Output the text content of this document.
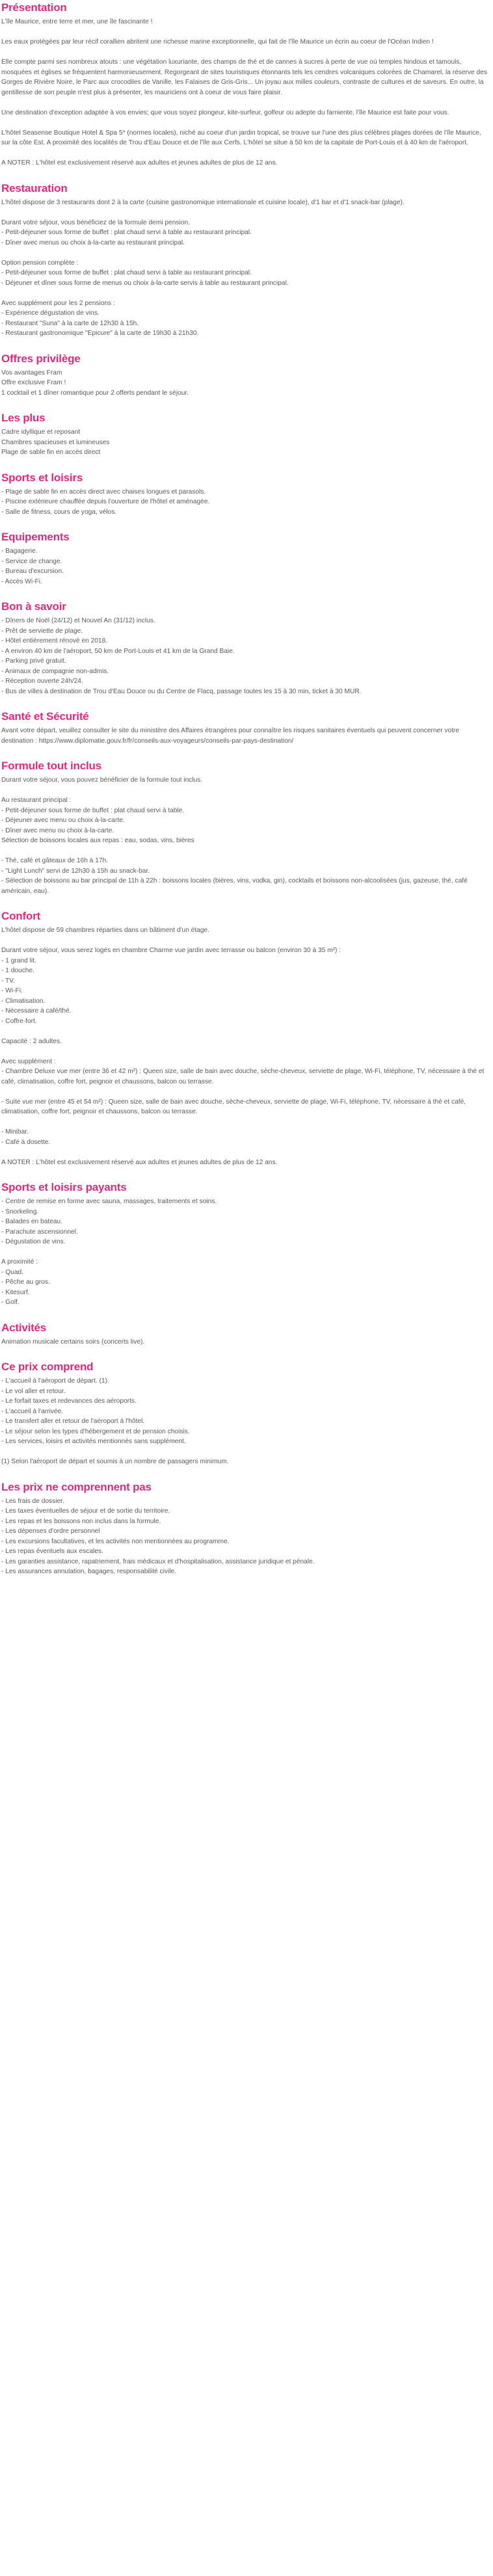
Présentation
L'île Maurice, entre terre et mer, une île fascinante !
Les eaux protégées par leur récif corallien abritent une richesse marine exceptionnelle, qui fait de l'île Maurice un écrin au coeur de l'Océan Indien !
Elle compte parmi ses nombreux atouts : une végétation luxuriante, des champs de thé et de cannes à sucres à perte de vue où temples hindous et tamouls, mosquées et églises se fréquentent harmonieusement. Regorgeant de sites touristiques étonnants tels les cendres volcaniques colorées de Chamarel, la réserve des Gorges de Rivière Noire, le Parc aux crocodiles de Vanille, les Falaises de Gris-Gris... Un joyau aux milles couleurs, contraste de cultures et de saveurs. En outre, la gentillesse de son peuple n'est plus à présenter, les mauriciens ont à coeur de vous faire plaisir.
Une destination d'exception adaptée à vos envies; que vous soyez plongeur, kite-surfeur, golfeur ou adepte du farniente, l'île Maurice est faite pour vous.
L'hôtel Seasense Boutique Hotel & Spa 5* (normes locales), niché au coeur d'un jardin tropical, se trouve sur l'une des plus célèbres plages dorées de l'île Maurice, sur la côte Est. A proximité des localités de Trou d'Eau Douce et de l'île aux Cerfs. L'hôtel se situe à 50 km de la capitale de Port-Louis et à 40 km de l'aéroport.
A NOTER : L'hôtel est exclusivement réservé aux adultes et jeunes adultes de plus de 12 ans.
Restauration
L'hôtel dispose de 3 restaurants dont 2 à la carte (cuisine gastronomique internationale et cuisine locale), d'1 bar et d'1 snack-bar (plage).
Durant votre séjour, vous bénéficiez de la formule demi pension.
- Petit-déjeuner sous forme de buffet : plat chaud servi à table au restaurant principal.
- Dîner avec menus ou choix à-la-carte au restaurant principal.
Option pension complète :
- Petit-déjeuner sous forme de buffet : plat chaud servi à table au restaurant principal.
- Déjeuner et dîner sous forme de menus ou choix à-la-carte servis à table au restaurant principal.
Avec supplément pour les 2 pensions :
- Expérience dégustation de vins.
- Restaurant "Suna" à la carte de 12h30 à 15h.
- Restaurant gastronomique "Epicure" à la carte de 19h30 à 21h30.
Offres privilège
Vos avantages Fram
Offre exclusive Fram !
1 cocktail et 1 dîner romantique pour 2 offerts pendant le séjour.
Les plus
Cadre idyllique et reposant
Chambres spacieuses et lumineuses
Plage de sable fin en accès direct
Sports et loisirs
- Plage de sable fin en accès direct avec chaises longues et parasols.
- Piscine extérieure chauffée depuis l'ouverture de l'hôtel et aménagée.
- Salle de fitness, cours de yoga, vélos.
Equipements
- Bagagerie.
- Service de change.
- Bureau d'excursion.
- Accès Wi-Fi.
Bon à savoir
- Dîners de Noël (24/12) et Nouvel An (31/12) inclus.
- Prêt de serviette de plage.
- Hôtel entièrement rénové en 2018.
- A environ 40 km de l'aéroport, 50 km de Port-Louis et 41 km de la Grand Baie.
- Parking privé gratuit.
- Animaux de compagnie non-admis.
- Réception ouverte 24h/24.
- Bus de villes à destination de Trou d'Eau Douce ou du Centre de Flacq, passage toutes les 15 à 30 min, ticket à 30 MUR.
Santé et Sécurité
Avant votre départ, veuillez consulter le site du ministère des Affaires étrangères pour connaître les risques sanitaires éventuels qui peuvent concerner votre destination : https://www.diplomatie.gouv.fr/fr/conseils-aux-voyageurs/conseils-par-pays-destination/
Formule tout inclus
Durant votre séjour, vous pouvez bénéficier de la formule tout inclus.
Au restaurant principal :
- Petit-déjeuner sous forme de buffet : plat chaud servi à table.
- Déjeuner avec menu ou choix à-la-carte.
- Dîner avec menu ou choix à-la-carte.
Sélection de boissons locales aux repas : eau, sodas, vins, bières
- Thé, café et gâteaux de 16h à 17h.
- "Light Lunch" servi de 12h30 à 15h au snack-bar.
- Sélection de boissons au bar principal de 11h à 22h : boissons locales (bières, vins, vodka, gin), cocktails et boissons non-alcoolisées (jus, gazeuse, thé, café américain, eau).
Confort
L'hôtel dispose de 59 chambres réparties dans un bâtiment d'un étage.
Durant votre séjour, vous serez logés en chambre Charme vue jardin avec terrasse ou balcon (environ 30 à 35 m²) :
- 1 grand lit.
- 1 douche.
- TV.
- Wi-Fi.
- Climatisation.
- Nécessaire à café/thé.
- Coffre-fort.
Capacité : 2 adultes.
Avec supplément :
- Chambre Deluxe vue mer (entre 36 et 42 m²) : Queen size, salle de bain avec douche, sèche-cheveux, serviette de plage, Wi-Fi, téléphone, TV, nécessaire à thé et café, climatisation, coffre fort, peignoir et chaussons, balcon ou terrasse.
- Suite vue mer (entre 45 et 54 m²) : Queen size, salle de bain avec douche, sèche-cheveux, serviette de plage, Wi-Fi, téléphone, TV, nécessaire à thé et café, climatisation, coffre fort, peignoir et chaussons, balcon ou terrasse.
- Minibar.
- Café à dosette.
A NOTER : L'hôtel est exclusivement réservé aux adultes et jeunes adultes de plus de 12 ans.
Sports et loisirs payants
- Centre de remise en forme avec sauna, massages, traitements et soins.
- Snorkeling.
- Balades en bateau.
- Parachute ascensionnel.
- Dégustation de vins.
A proximité :
- Quad.
- Pêche au gros.
- Kitesurf.
- Golf.
Activités
Animation musicale certains soirs (concerts live).
Ce prix comprend
- L'accueil à l'aéroport de départ. (1).
- Le vol aller et retour.
- Le forfait taxes et redevances des aéroports.
- L'accueil à l'arrivée.
- Le transfert aller et retour de l'aéroport à l'hôtel.
- Le séjour selon les types d'hébergement et de pension choisis.
- Les services, loisirs et activités mentionnés sans supplément.
(1) Selon l'aéroport de départ et soumis à un nombre de passagers minimum.
Les prix ne comprennent pas
- Les frais de dossier.
- Les taxes éventuelles de séjour et de sortie du territoire.
- Les repas et les boissons non inclus dans la formule.
- Les dépenses d'ordre personnel
- Les excursions facultatives, et les activités non mentionnées au programme.
- Les repas éventuels aux escales.
- Les garanties assistance, rapatriement, frais médicaux et d'hospitalisation, assistance juridique et pénale.
- Les assurances annulation, bagages, responsabilité civile.
